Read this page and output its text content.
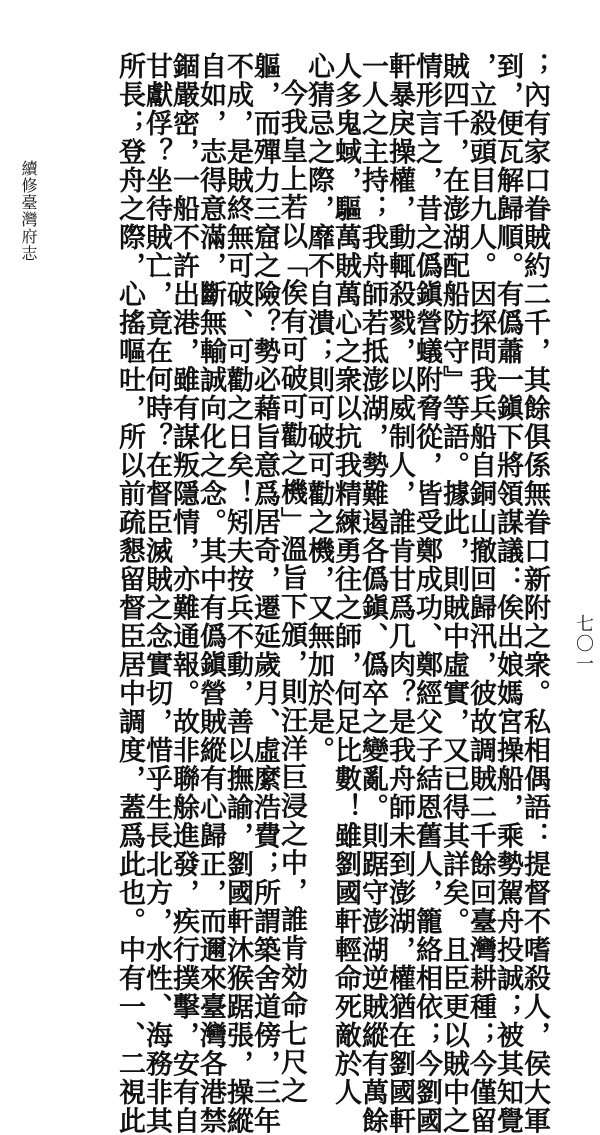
七〇一
；內有家口眷賊約二千，其餘俱係無眷口新附之衆。私相偶語：提督不嗜殺人，侯大軍
到，便瓦解歸順。有僞蕭一鎭下將領謀議：俟出娘媽宮操船，乘勢駕舟投誠；被其知覺
，立殺頭目九人。因探問我兵船自銅山撤回歸汛，彼故調賊二千餘回臺灣耕種；今僅留
賊四千，在澎湖配船防守』等語。據此，則賊中虛實，又已得其詳矣。且臣更以賊中之
情形言之，昔之僞鎭營蟻附脅從，皆受鄭成功、鄭經父子結恩舊人，籠絡相依；今劉國
軒暴戾操權，動輒殺戮，以威制人，誰肯甘爲几肉？是我舟師未到澎湖，權猶在劉國軒
一人之主持；我舟師若抵澎湖，勢難遏各僞鎭、僞卒之變亂。則踞守澎湖逆賊縱有萬餘
人多鬼蜮，驅萬賊萬心之衆以抗我精練勇往之師，何足比數！雖劉國軒輕命死敵於人
心猜忌之際，靡不自潰；則可破可勸之機，又無加於是。
今我皇上若以「俟有可破可勸之機」溫旨下頒，則汪洋巨浸之中，誰肯効命七尺之
軀，而殫力三窟之險？勢必藉旨意爲居奇，遷延歲月、虛縻浩費；所謂築舍道傍，三年
不成，是賊終無可破、可勸之日矣！矧夫按兵不動，善以撫諭，劉國軒沐猴踞張，操縱
自如，志得意滿，斷無輸誠向化之念。其中有僞鎭營賊縱有心歸正，而邇來臺灣各港禁
錮嚴密，一船不許出港，雖有謀叛隱情，亦難通報。故非聯艅進發，疾行撲擊，安有自
甘獻俘？坐待賊亡，竟在何時？在督臣滅賊之念實切，惜乎生長北方，水性、海務非其
所長；登舟之際，心搖嘔吐，所以前疏懇留督臣居中調度，蓋爲此也。中有一、二視此
續修臺灣府志
